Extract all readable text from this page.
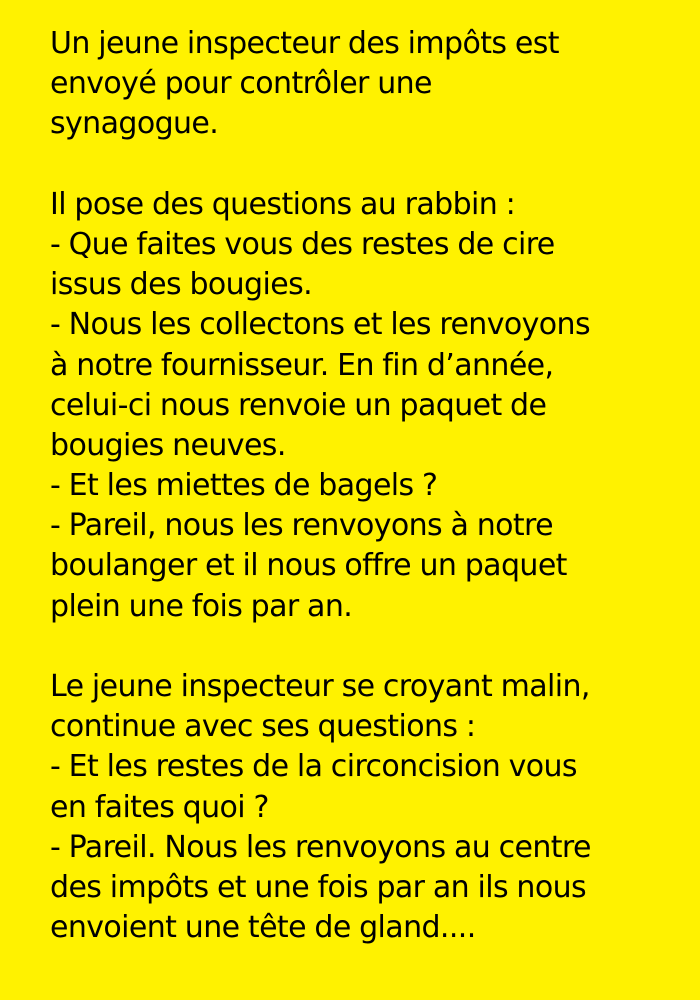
Un jeune inspecteur des impôts est
envoyé pour contrôler une
synagogue.
Il pose des questions au rabbin :
- Que faites vous des restes de cire
issus des bougies.
- Nous les collectons et les renvoyons
à notre fournisseur. En fin d’année,
celui-ci nous renvoie un paquet de
bougies neuves.
- Et les miettes de bagels ?
- Pareil, nous les renvoyons à notre
boulanger et il nous offre un paquet
plein une fois par an.
Le jeune inspecteur se croyant malin,
continue avec ses questions :
- Et les restes de la circoncision vous
en faites quoi ?
- Pareil. Nous les renvoyons au centre
des impôts et une fois par an ils nous
envoient une tête de gland....
